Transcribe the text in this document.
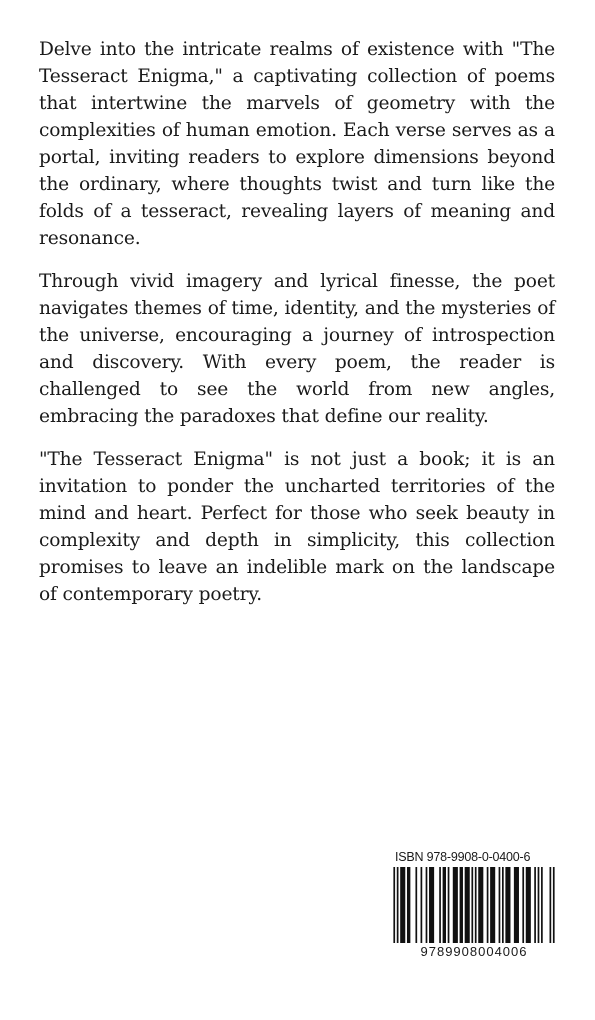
Delve into the intricate realms of existence with "The Tesseract Enigma," a captivating collection of poems that intertwine the marvels of geometry with the complexities of human emotion. Each verse serves as a portal, inviting readers to explore dimensions beyond the ordinary, where thoughts twist and turn like the folds of a tesseract, revealing layers of meaning and resonance.

Through vivid imagery and lyrical finesse, the poet navigates themes of time, identity, and the mysteries of the universe, encouraging a journey of introspection and discovery. With every poem, the reader is challenged to see the world from new angles, embracing the paradoxes that define our reality.

"The Tesseract Enigma" is not just a book; it is an invitation to ponder the uncharted territories of the mind and heart. Perfect for those who seek beauty in complexity and depth in simplicity, this collection promises to leave an indelible mark on the landscape of contemporary poetry.

ISBN 978-9908-0-0400-6
9789908004006
